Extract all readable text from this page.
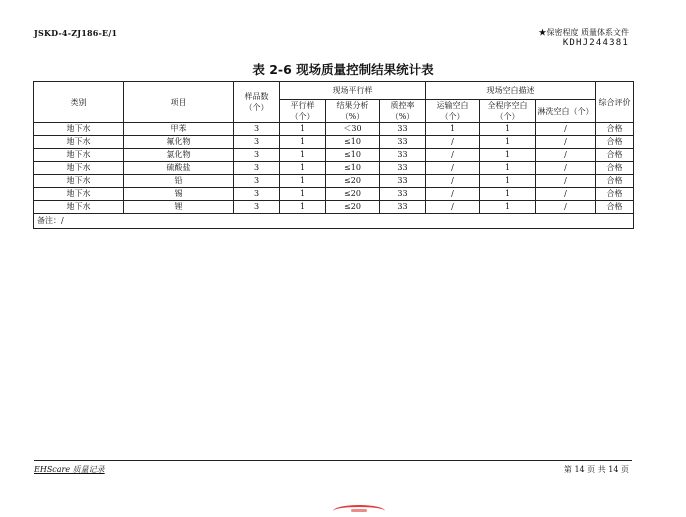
JSKD-4-ZJ186-E/1	★保密程度 质量体系文件
KDHJ244381
表 2-6 现场质量控制结果统计表
类别	项目	样品数（个）	现场平行样			现场空白描述			综合评价
			平行样（个）	结果分析（%）	质控率（%）	运输空白（个）	全程序空白（个）	淋洗空白（个）	
地下水	甲苯	3	1	＜30	33	1	1	/	合格
地下水	氟化物	3	1	≤10	33	/	1	/	合格
地下水	氯化物	3	1	≤10	33	/	1	/	合格
地下水	硫酸盐	3	1	≤10	33	/	1	/	合格
地下水	铅	3	1	≤20	33	/	1	/	合格
地下水	锡	3	1	≤20	33	/	1	/	合格
地下水	锂	3	1	≤20	33	/	1	/	合格
备注：/									
EHScare 质量记录	第 14 页 共 14 页
